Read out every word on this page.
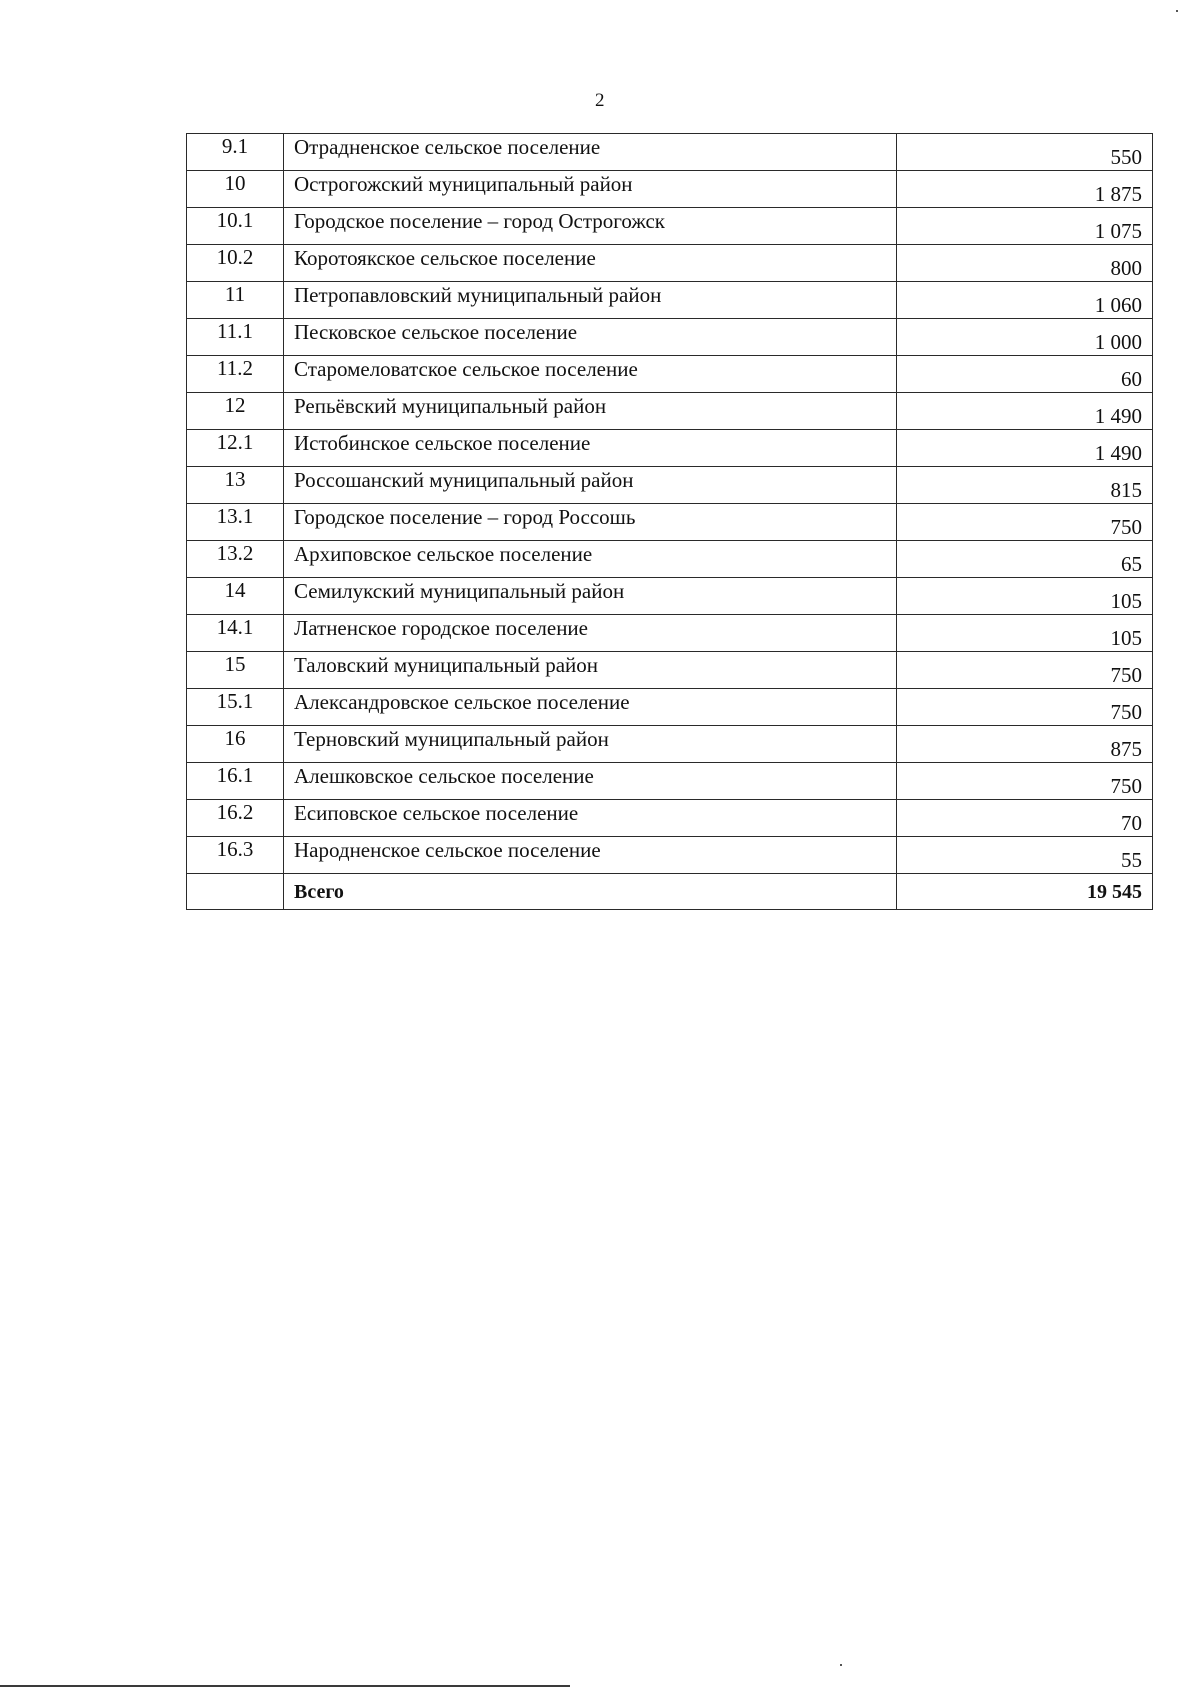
2
9.1	Отрадненское сельское поселение	550
10	Острогожский муниципальный район	1 875
10.1	Городское поселение – город Острогожск	1 075
10.2	Коротоякское сельское поселение	800
11	Петропавловский муниципальный район	1 060
11.1	Песковское сельское поселение	1 000
11.2	Старомеловатское сельское поселение	60
12	Репьёвский муниципальный район	1 490
12.1	Истобинское сельское поселение	1 490
13	Россошанский муниципальный район	815
13.1	Городское поселение – город Россошь	750
13.2	Архиповское сельское поселение	65
14	Семилукский муниципальный район	105
14.1	Латненское городское поселение	105
15	Таловский муниципальный район	750
15.1	Александровское сельское поселение	750
16	Терновский муниципальный район	875
16.1	Алешковское сельское поселение	750
16.2	Есиповское сельское поселение	70
16.3	Народненское сельское поселение	55
	Всего	19 545
